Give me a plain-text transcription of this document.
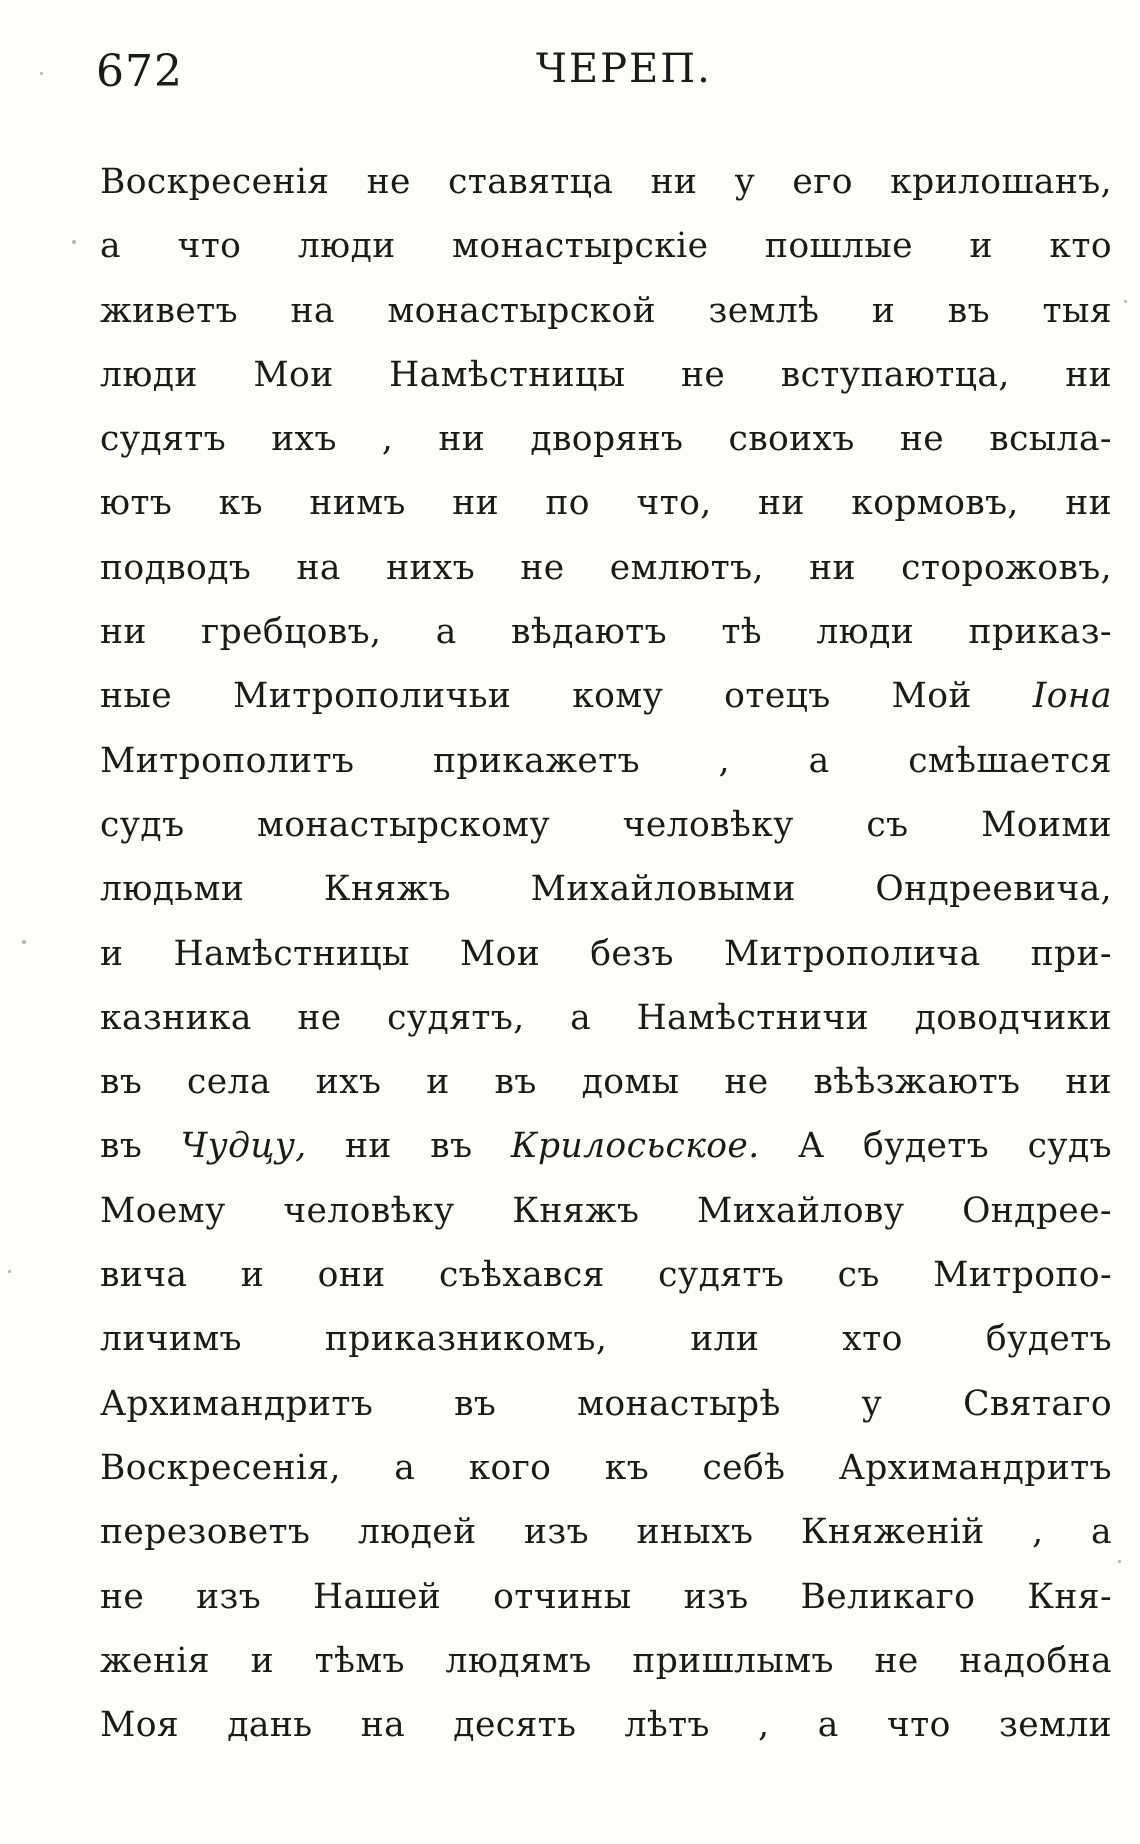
672	ЧЕРЕП.
Воскресенія не ставятца ни у его крилошанъ,
а что люди монастырскіе пошлые и кто
живетъ на монастырской землѣ и въ тыя
люди Мои Намѣстницы не вступаютца, ни
судятъ ихъ , ни дворянъ своихъ не всыла-
ютъ къ нимъ ни по что, ни кормовъ, ни
подводъ на нихъ не емлютъ, ни сторожовъ,
ни гребцовъ, а вѣдаютъ тѣ люди приказ-
ные Митрополичьи кому отецъ Мой Іона
Митрополитъ прикажетъ , а смѣшается
судъ монастырскому человѣку съ Моими
людьми Княжъ Михайловыми Ондреевича,
и Намѣстницы Мои безъ Митрополича при-
казника не судятъ, а Намѣстничи доводчики
въ села ихъ и въ домы не вѣѣзжаютъ ни
въ Чудцу, ни въ Крилосьское. А будетъ судъ
Моему человѣку Княжъ Михайлову Ондрее-
вича и они съѣхався судятъ съ Митропо-
личимъ приказникомъ, или хто будетъ
Архимандритъ въ монастырѣ у Святаго
Воскресенія, а кого къ себѣ Архимандритъ
перезоветъ людей изъ иныхъ Княженій , а
не изъ Нашей отчины изъ Великаго Кня-
женія и тѣмъ людямъ пришлымъ не надобна
Моя дань на десять лѣтъ , а что земли
